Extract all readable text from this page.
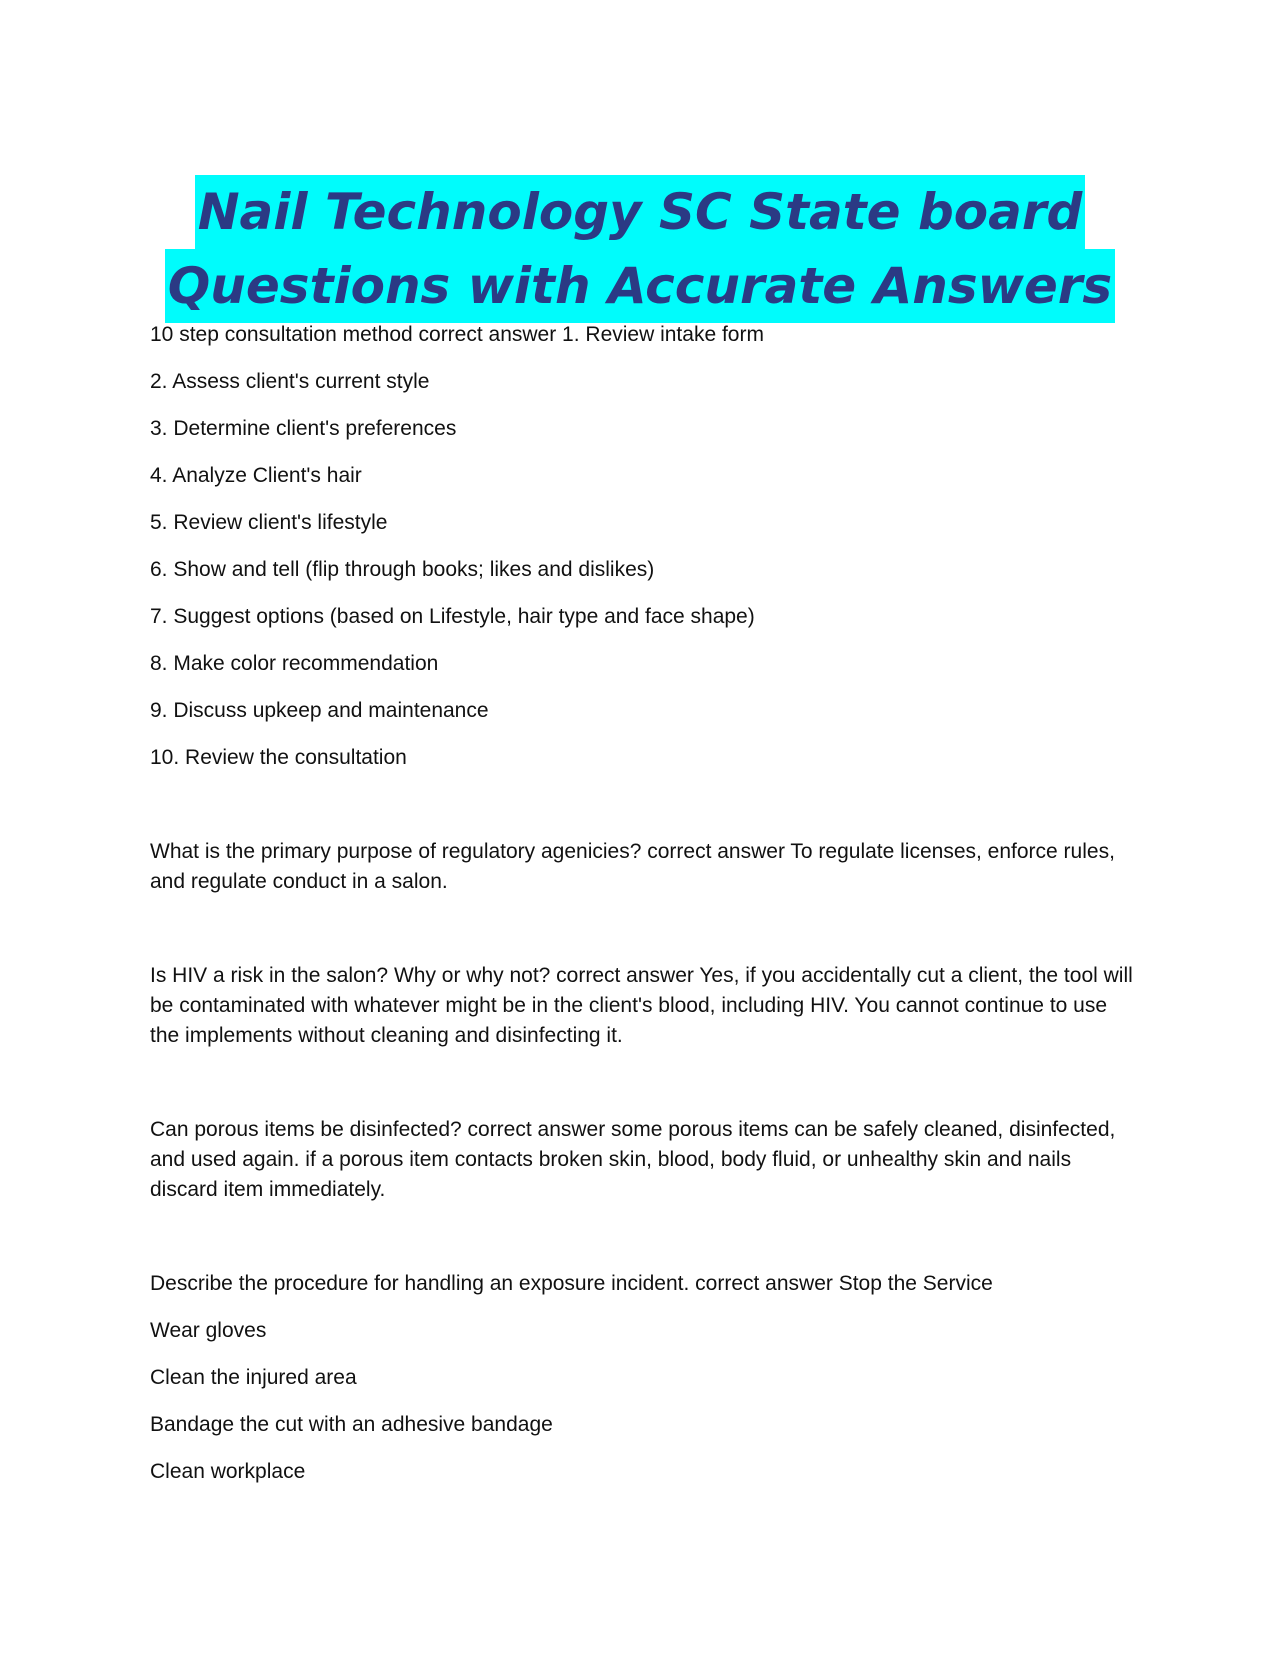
Nail Technology SC State board
Questions with Accurate Answers

10 step consultation method correct answer 1. Review intake form

2. Assess client's current style

3. Determine client's preferences

4. Analyze Client's hair

5. Review client's lifestyle

6. Show and tell (flip through books; likes and dislikes)

7. Suggest options (based on Lifestyle, hair type and face shape)

8. Make color recommendation

9. Discuss upkeep and maintenance

10. Review the consultation

What is the primary purpose of regulatory agenicies? correct answer To regulate licenses, enforce rules, and regulate conduct in a salon.

Is HIV a risk in the salon? Why or why not? correct answer Yes, if you accidentally cut a client, the tool will be contaminated with whatever might be in the client's blood, including HIV. You cannot continue to use the implements without cleaning and disinfecting it.

Can porous items be disinfected? correct answer some porous items can be safely cleaned, disinfected, and used again. if a porous item contacts broken skin, blood, body fluid, or unhealthy skin and nails discard item immediately.

Describe the procedure for handling an exposure incident. correct answer Stop the Service

Wear gloves

Clean the injured area

Bandage the cut with an adhesive bandage

Clean workplace
